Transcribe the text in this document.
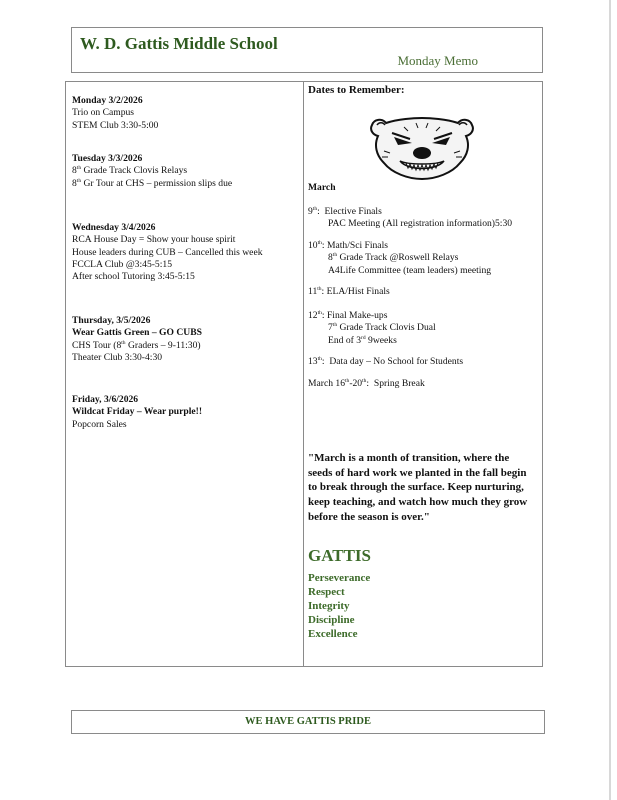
W. D. Gattis Middle School
Monday Memo
Monday 3/2/2026
Trio on Campus
STEM Club 3:30-5:00
Tuesday 3/3/2026
8th Grade Track Clovis Relays
8th Gr Tour at CHS – permission slips due
Wednesday 3/4/2026
RCA House Day = Show your house spirit
House leaders during CUB – Cancelled this week
FCCLA Club @3:45-5:15
After school Tutoring 3:45-5:15
Thursday, 3/5/2026
Wear Gattis Green – GO CUBS
CHS Tour (8th Graders – 9-11:30)
Theater Club 3:30-4:30
Friday, 3/6/2026
Wildcat Friday – Wear purple!!
Popcorn Sales
Dates to Remember:
March
9th:  Elective Finals
PAC Meeting (All registration information)5:30
10th: Math/Sci Finals
8th Grade Track @Roswell Relays
A4Life Committee (team leaders) meeting
11th: ELA/Hist Finals
12th: Final Make-ups
7th Grade Track Clovis Dual
End of 3rd 9weeks
13th:  Data day – No School for Students
March 16th-20th:  Spring Break
"March is a month of transition, where the seeds of hard work we planted in the fall begin to break through the surface. Keep nurturing, keep teaching, and watch how much they grow before the season is over."
GATTIS
Perseverance
Respect
Integrity
Discipline
Excellence
WE HAVE GATTIS PRIDE
